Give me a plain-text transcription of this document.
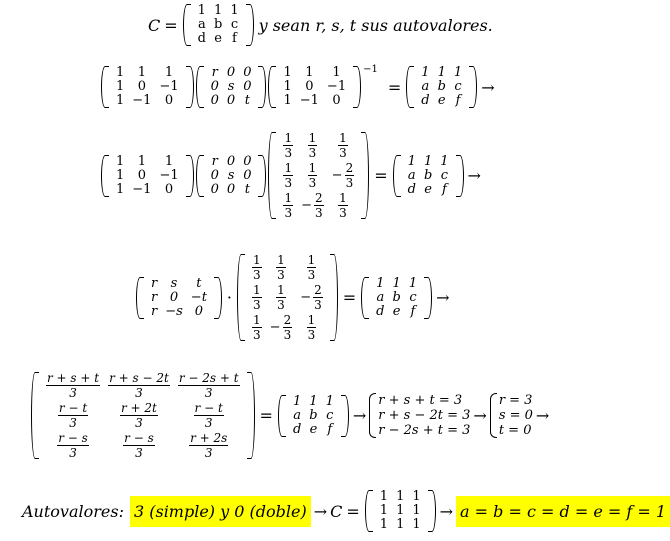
C =
1 1 1
a b c
d e f
y sean r, s, t sus autovalores.
1	1	1
1	0	−1
1 −1	0
r 0 0
0 s 0
0 0 t
1	1	1
1	0	−1
1 −1	0
−1
=
1 1 1
a b c
d e f
→
1	1	1
1	0	−1
1 −1	0
r 0 0
0 s 0
0 0 t
$\frac{1}{3} \frac{1}{3} \frac{1}{3}$
$\frac{1}{3} \frac{1}{3} - \frac{2}{3}$
$\frac{1}{3} - \frac{2}{3} \frac{1}{3}$
=
1 1 1
a b c
d e f
→
r	s	t
r 0 −t
r −s 0
·
$\frac{1}{3} \frac{1}{3} \frac{1}{3}$
$\frac{1}{3} \frac{1}{3} - \frac{2}{3}$
$\frac{1}{3} - \frac{2}{3} \frac{1}{3}$
=
1 1 1
a b c
d e f
→
$\frac{r + s + t}{3} \frac{r + s - 2t}{3} \frac{r - 2s + t}{3}$
$\frac{r - t}{3}$	$\frac{r + 2t}{3}$	$\frac{r - t}{3}$
$\frac{r - s}{3}$	$\frac{r - s}{3}$	$\frac{r + 2s}{3}$
=
1 1 1
a b c
d e f
→
r + s + t = 3
r + s − 2t = 3
r − 2s + t = 3
→
r = 3
s = 0
t = 0
→
Autovalores: 3 (simple) y 0 (doble) → C =
1 1 1
1 1 1
1 1 1
→ a = b = c = d = e = f = 1
